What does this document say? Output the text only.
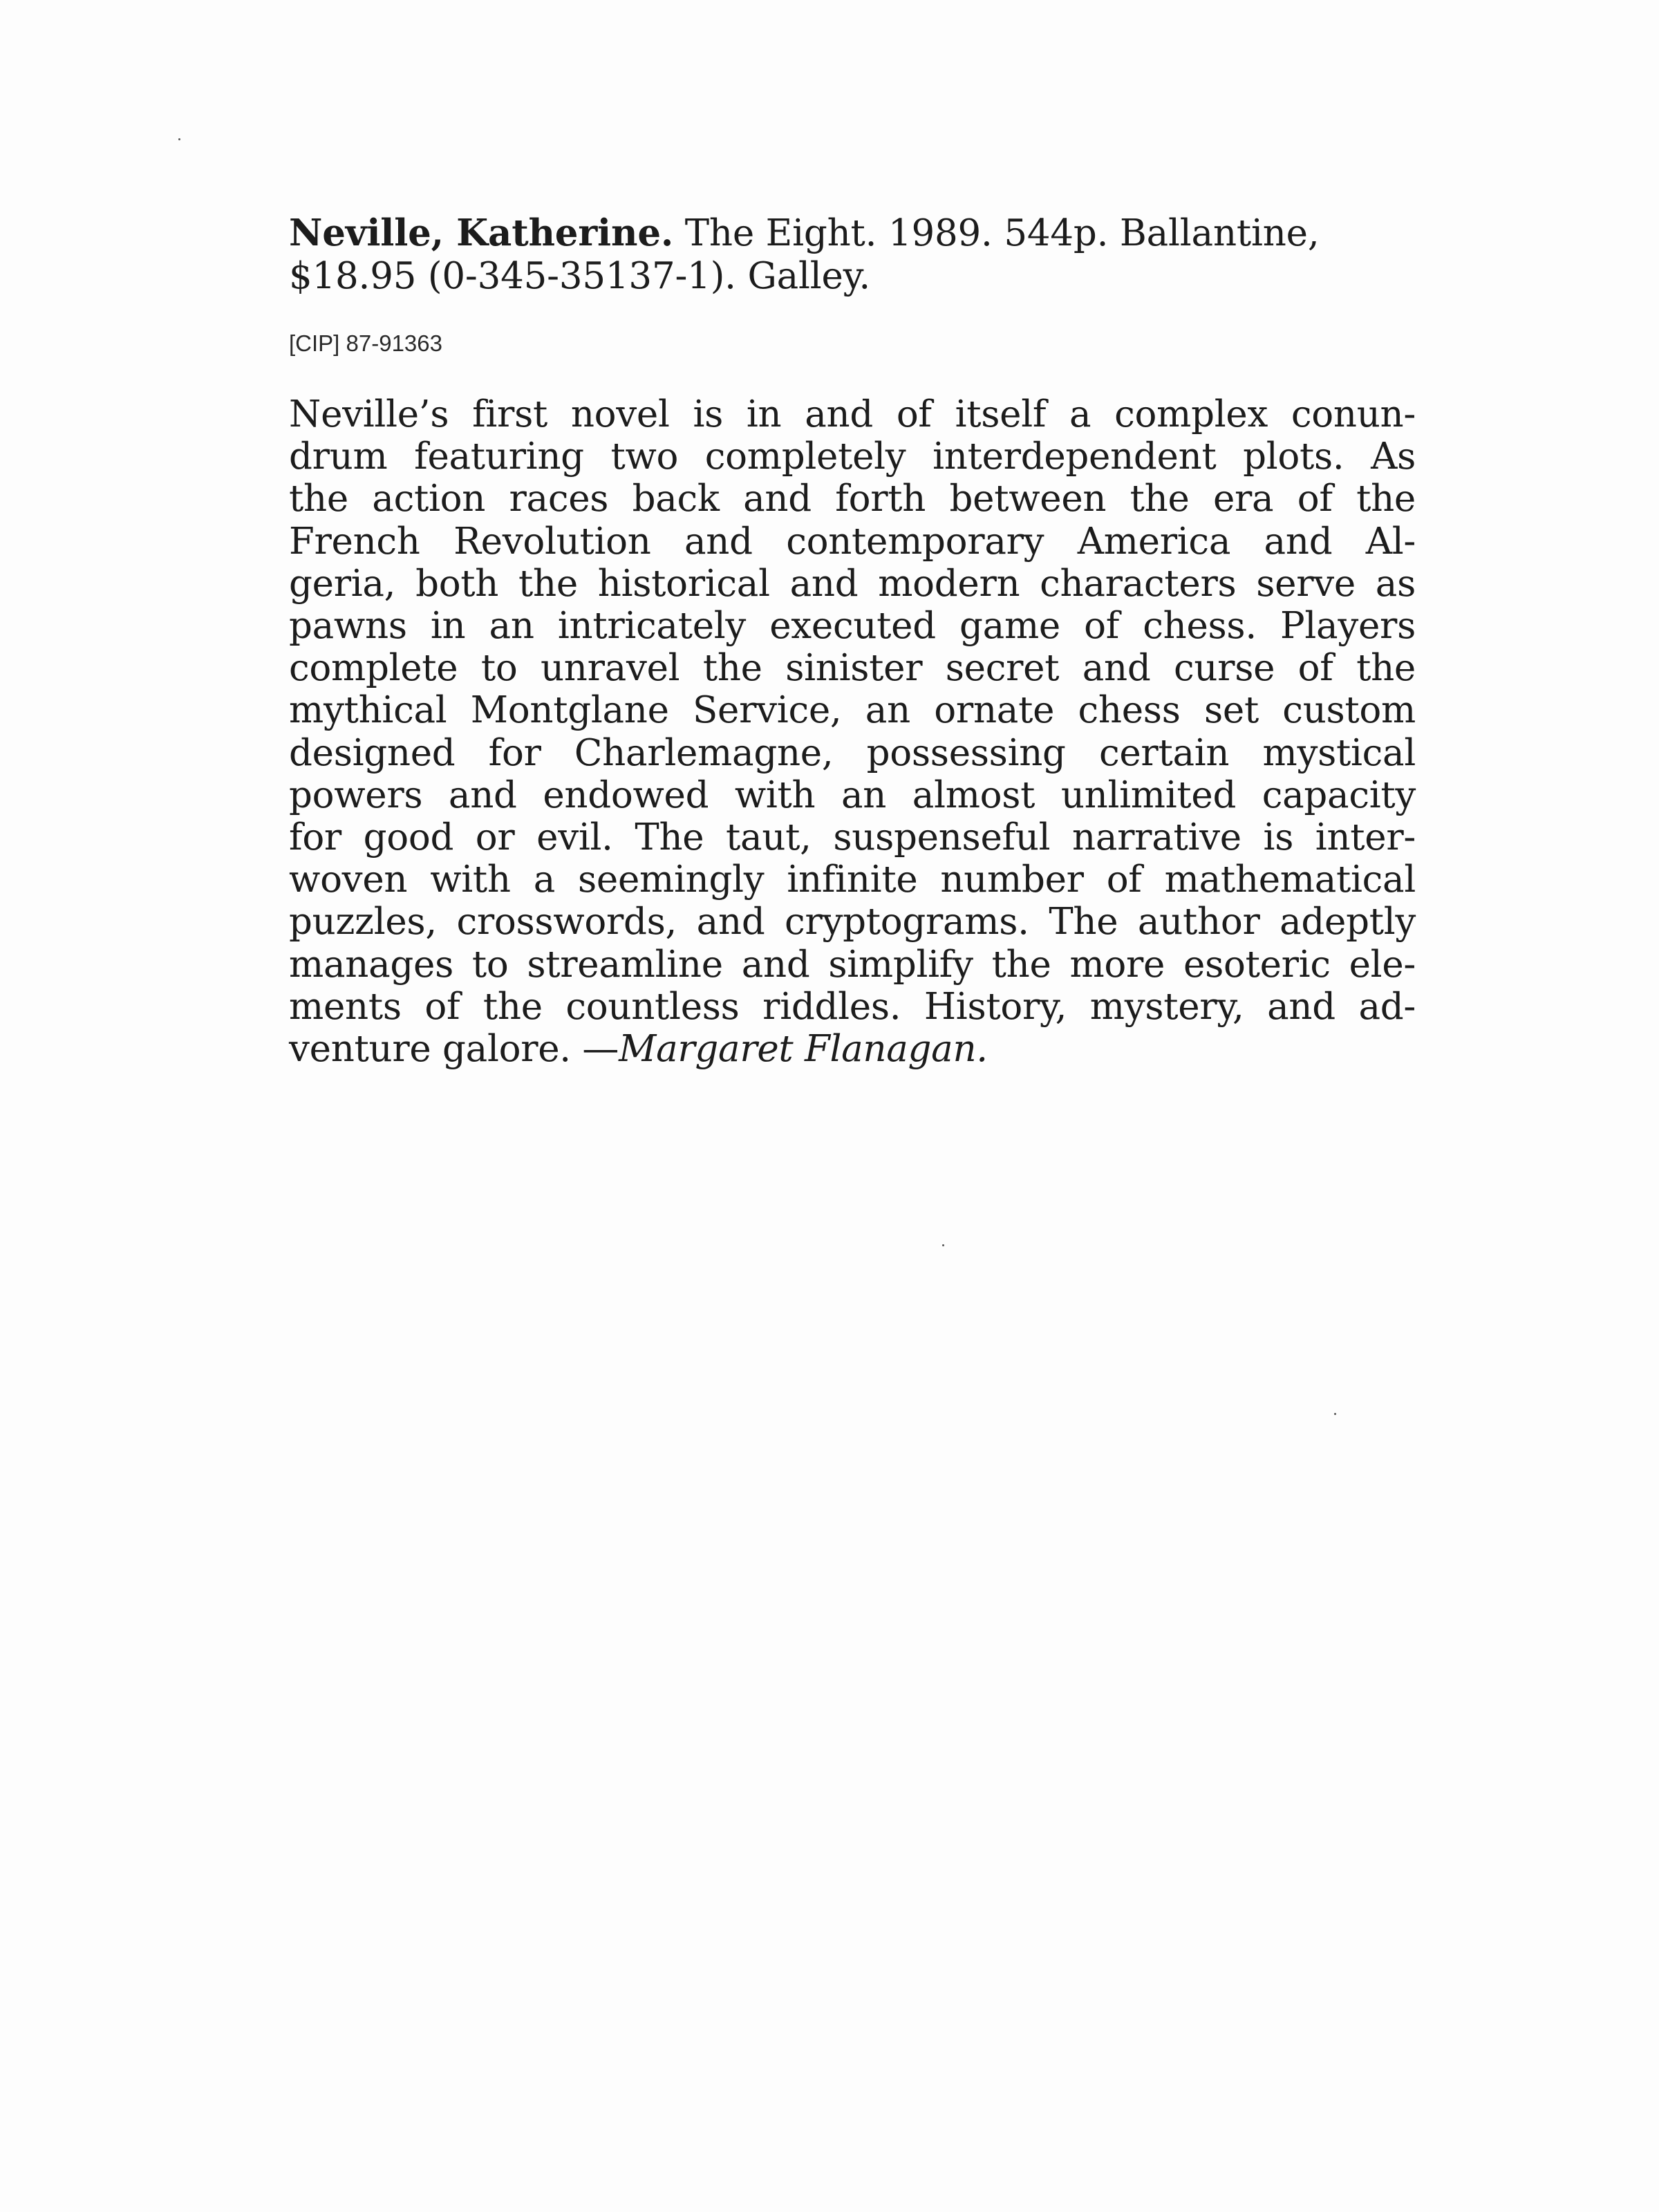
Neville, Katherine. The Eight. 1989. 544p. Ballantine,
$18.95 (0-345-35137-1). Galley.

[CIP] 87-91363

Neville’s first novel is in and of itself a complex conun-
drum featuring two completely interdependent plots. As
the action races back and forth between the era of the
French Revolution and contemporary America and Al-
geria, both the historical and modern characters serve as
pawns in an intricately executed game of chess. Players
complete to unravel the sinister secret and curse of the
mythical Montglane Service, an ornate chess set custom
designed for Charlemagne, possessing certain mystical
powers and endowed with an almost unlimited capacity
for good or evil. The taut, suspenseful narrative is inter-
woven with a seemingly infinite number of mathematical
puzzles, crosswords, and cryptograms. The author adeptly
manages to streamline and simplify the more esoteric ele-
ments of the countless riddles. History, mystery, and ad-
venture galore. —Margaret Flanagan.
